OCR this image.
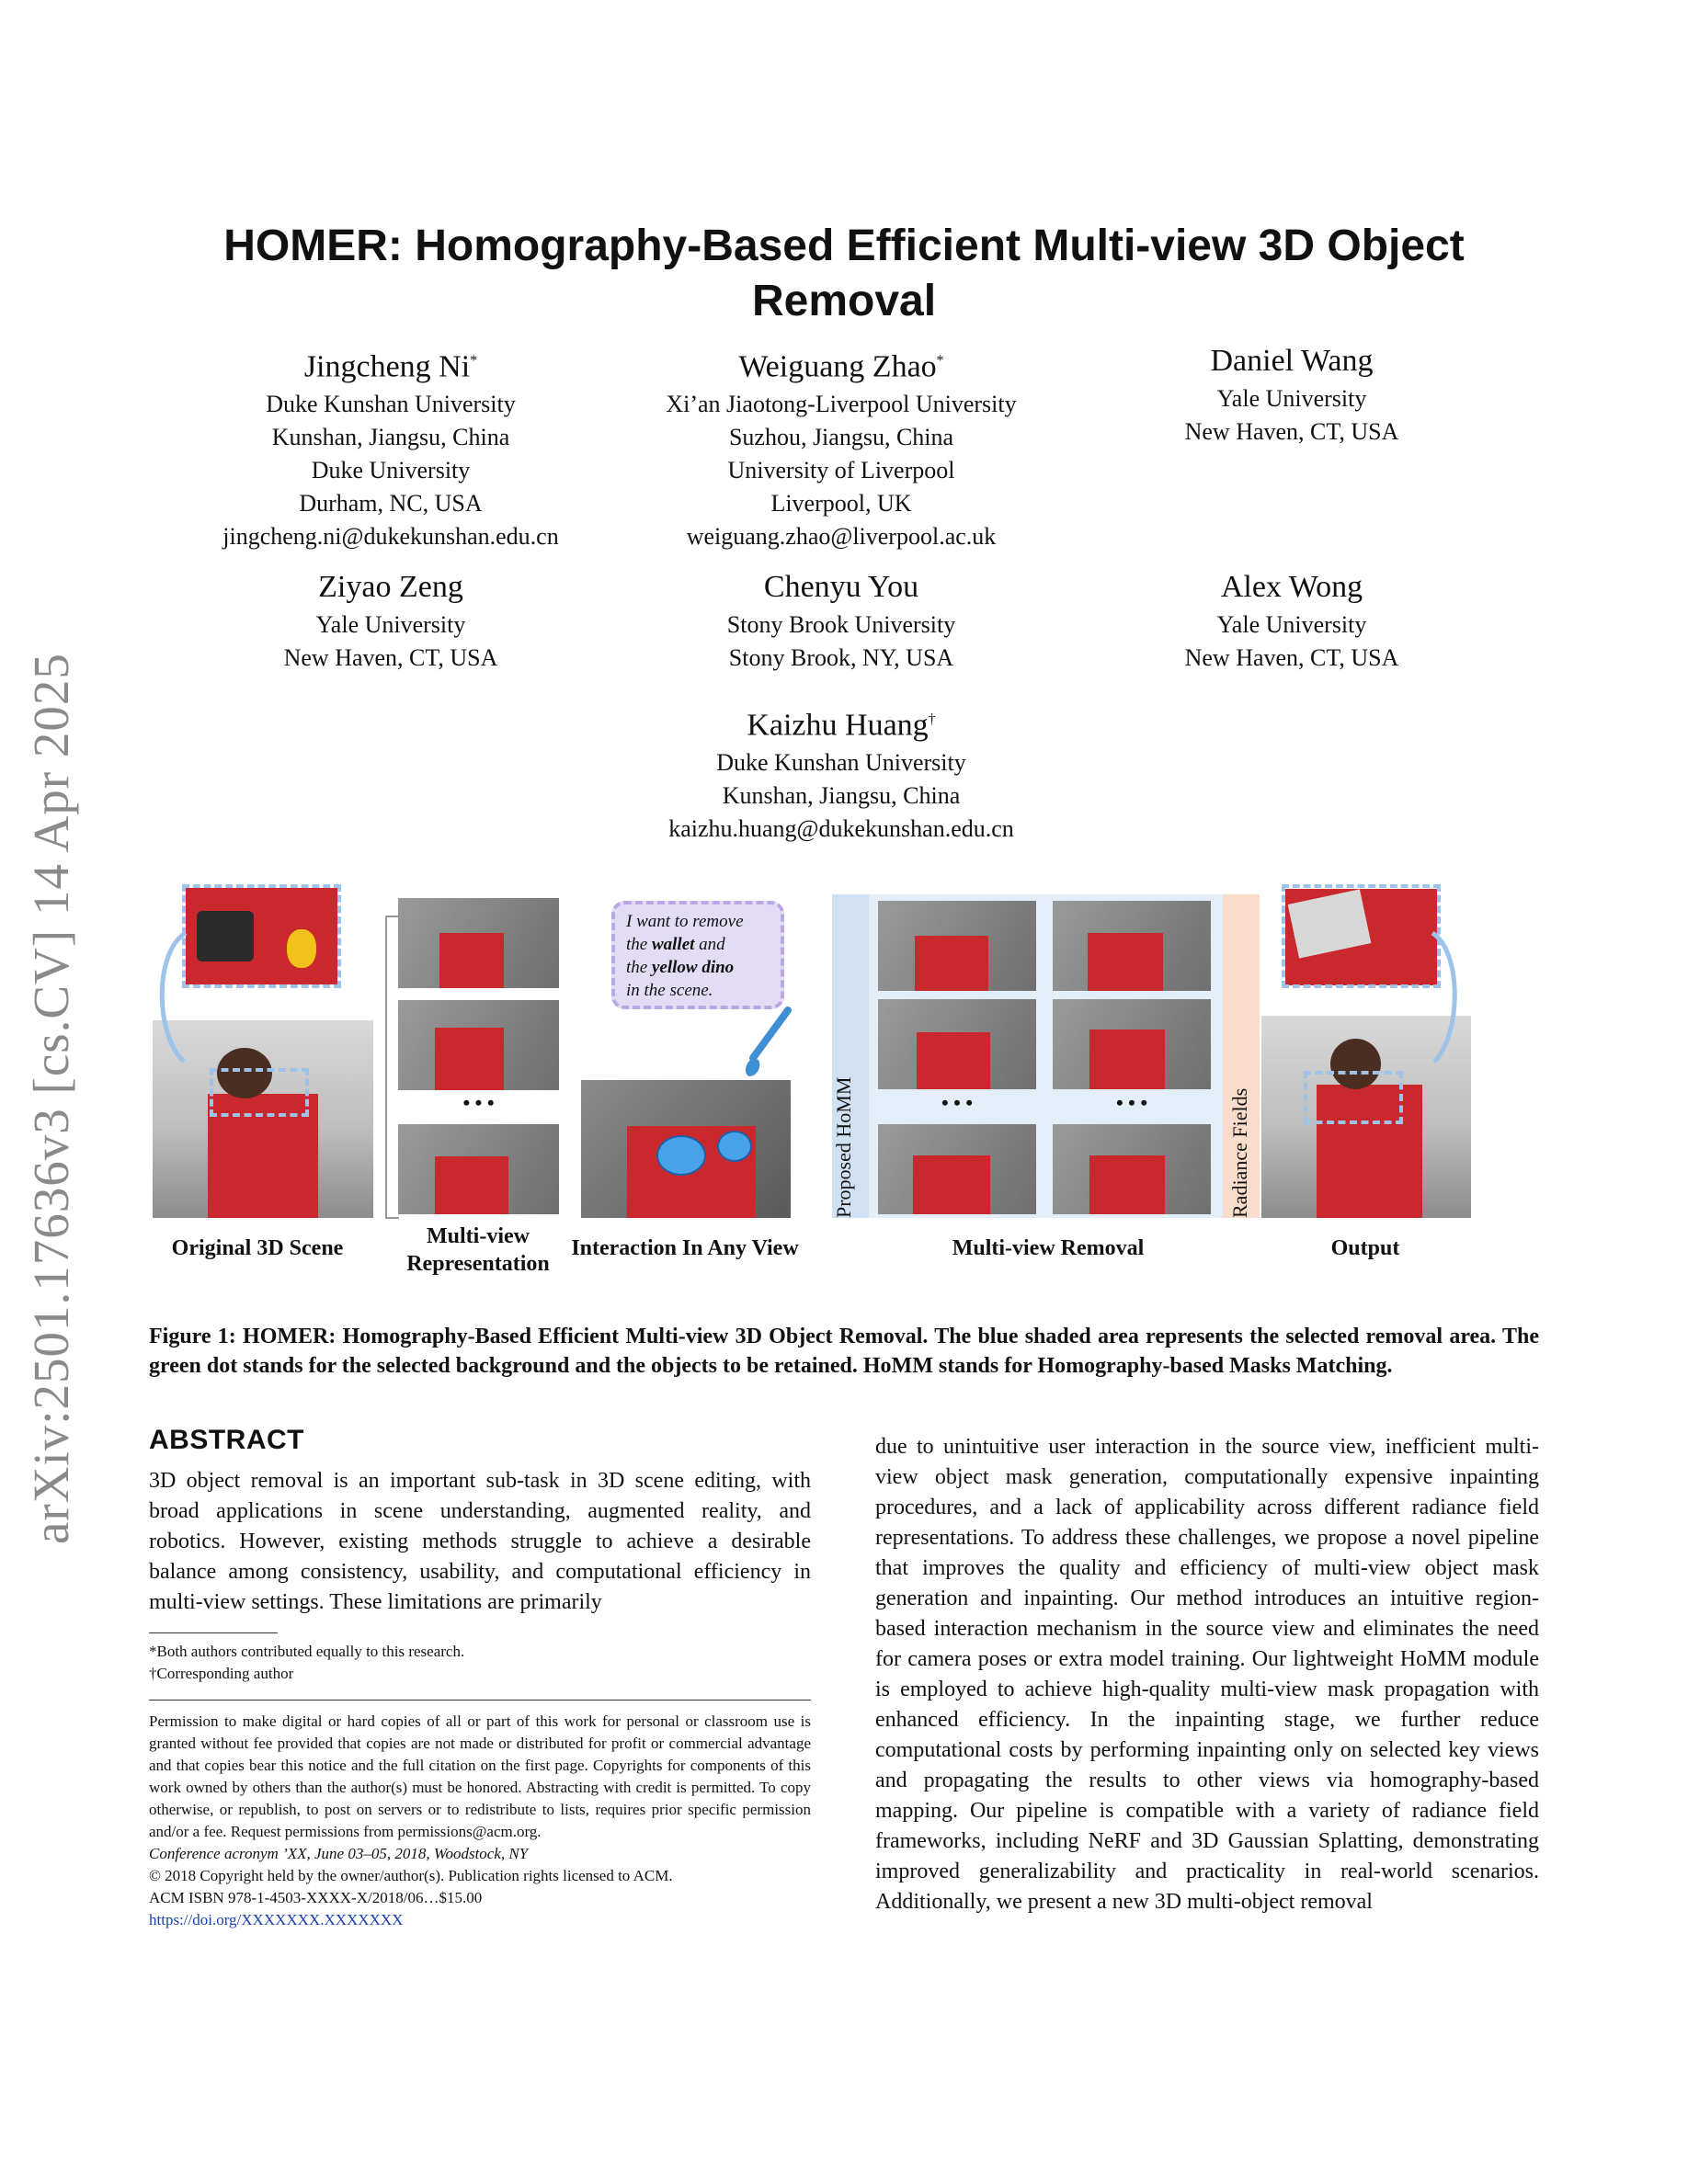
arXiv:2501.17636v3 [cs.CV] 14 Apr 2025
HOMER: Homography-Based Efficient Multi-view 3D Object Removal
Jingcheng Ni*
Duke Kunshan University
Kunshan, Jiangsu, China
Duke University
Durham, NC, USA
jingcheng.ni@dukekunshan.edu.cn
Weiguang Zhao*
Xi’an Jiaotong-Liverpool University
Suzhou, Jiangsu, China
University of Liverpool
Liverpool, UK
weiguang.zhao@liverpool.ac.uk
Daniel Wang
Yale University
New Haven, CT, USA
Ziyao Zeng
Yale University
New Haven, CT, USA
Chenyu You
Stony Brook University
Stony Brook, NY, USA
Alex Wong
Yale University
New Haven, CT, USA
Kaizhu Huang†
Duke Kunshan University
Kunshan, Jiangsu, China
kaizhu.huang@dukekunshan.edu.cn
• • •
I want to remove
the wallet and
the yellow dino
in the scene.
Proposed HoMM	• • •	• • •	Radiance Fields
Original 3D Scene	Multi-view Representation
Interaction In Any View	Multi-view Removal	Output
Figure 1: HOMER: Homography-Based Efficient Multi-view 3D Object Removal. The blue shaded area represents the selected removal area. The green dot stands for the selected background and the objects to be retained. HoMM stands for Homography-based Masks Matching.
ABSTRACT
3D object removal is an important sub-task in 3D scene editing, with broad applications in scene understanding, augmented reality, and robotics. However, existing methods struggle to achieve a desirable balance among consistency, usability, and computational efficiency in multi-view settings. These limitations are primarily
due to unintuitive user interaction in the source view, inefficient multi-view object mask generation, computationally expensive inpainting procedures, and a lack of applicability across different radiance field representations. To address these challenges, we propose a novel pipeline that improves the quality and efficiency of multi-view object mask generation and inpainting. Our method introduces an intuitive region-based interaction mechanism in the source view and eliminates the need for camera poses or extra model training. Our lightweight HoMM module is employed to achieve high-quality multi-view mask propagation with enhanced efficiency. In the inpainting stage, we further reduce computational costs by performing inpainting only on selected key views and propagating the results to other views via homography-based mapping. Our pipeline is compatible with a variety of radiance field frameworks, including NeRF and 3D Gaussian Splatting, demonstrating improved generalizability and practicality in real-world scenarios. Additionally, we present a new 3D multi-object removal
*Both authors contributed equally to this research.
†Corresponding author
Permission to make digital or hard copies of all or part of this work for personal or classroom use is granted without fee provided that copies are not made or distributed for profit or commercial advantage and that copies bear this notice and the full citation on the first page. Copyrights for components of this work owned by others than the author(s) must be honored. Abstracting with credit is permitted. To copy otherwise, or republish, to post on servers or to redistribute to lists, requires prior specific permission and/or a fee. Request permissions from permissions@acm.org.
Conference acronym ’XX, June 03–05, 2018, Woodstock, NY
© 2018 Copyright held by the owner/author(s). Publication rights licensed to ACM.
ACM ISBN 978-1-4503-XXXX-X/2018/06…$15.00
https://doi.org/XXXXXXX.XXXXXXX
